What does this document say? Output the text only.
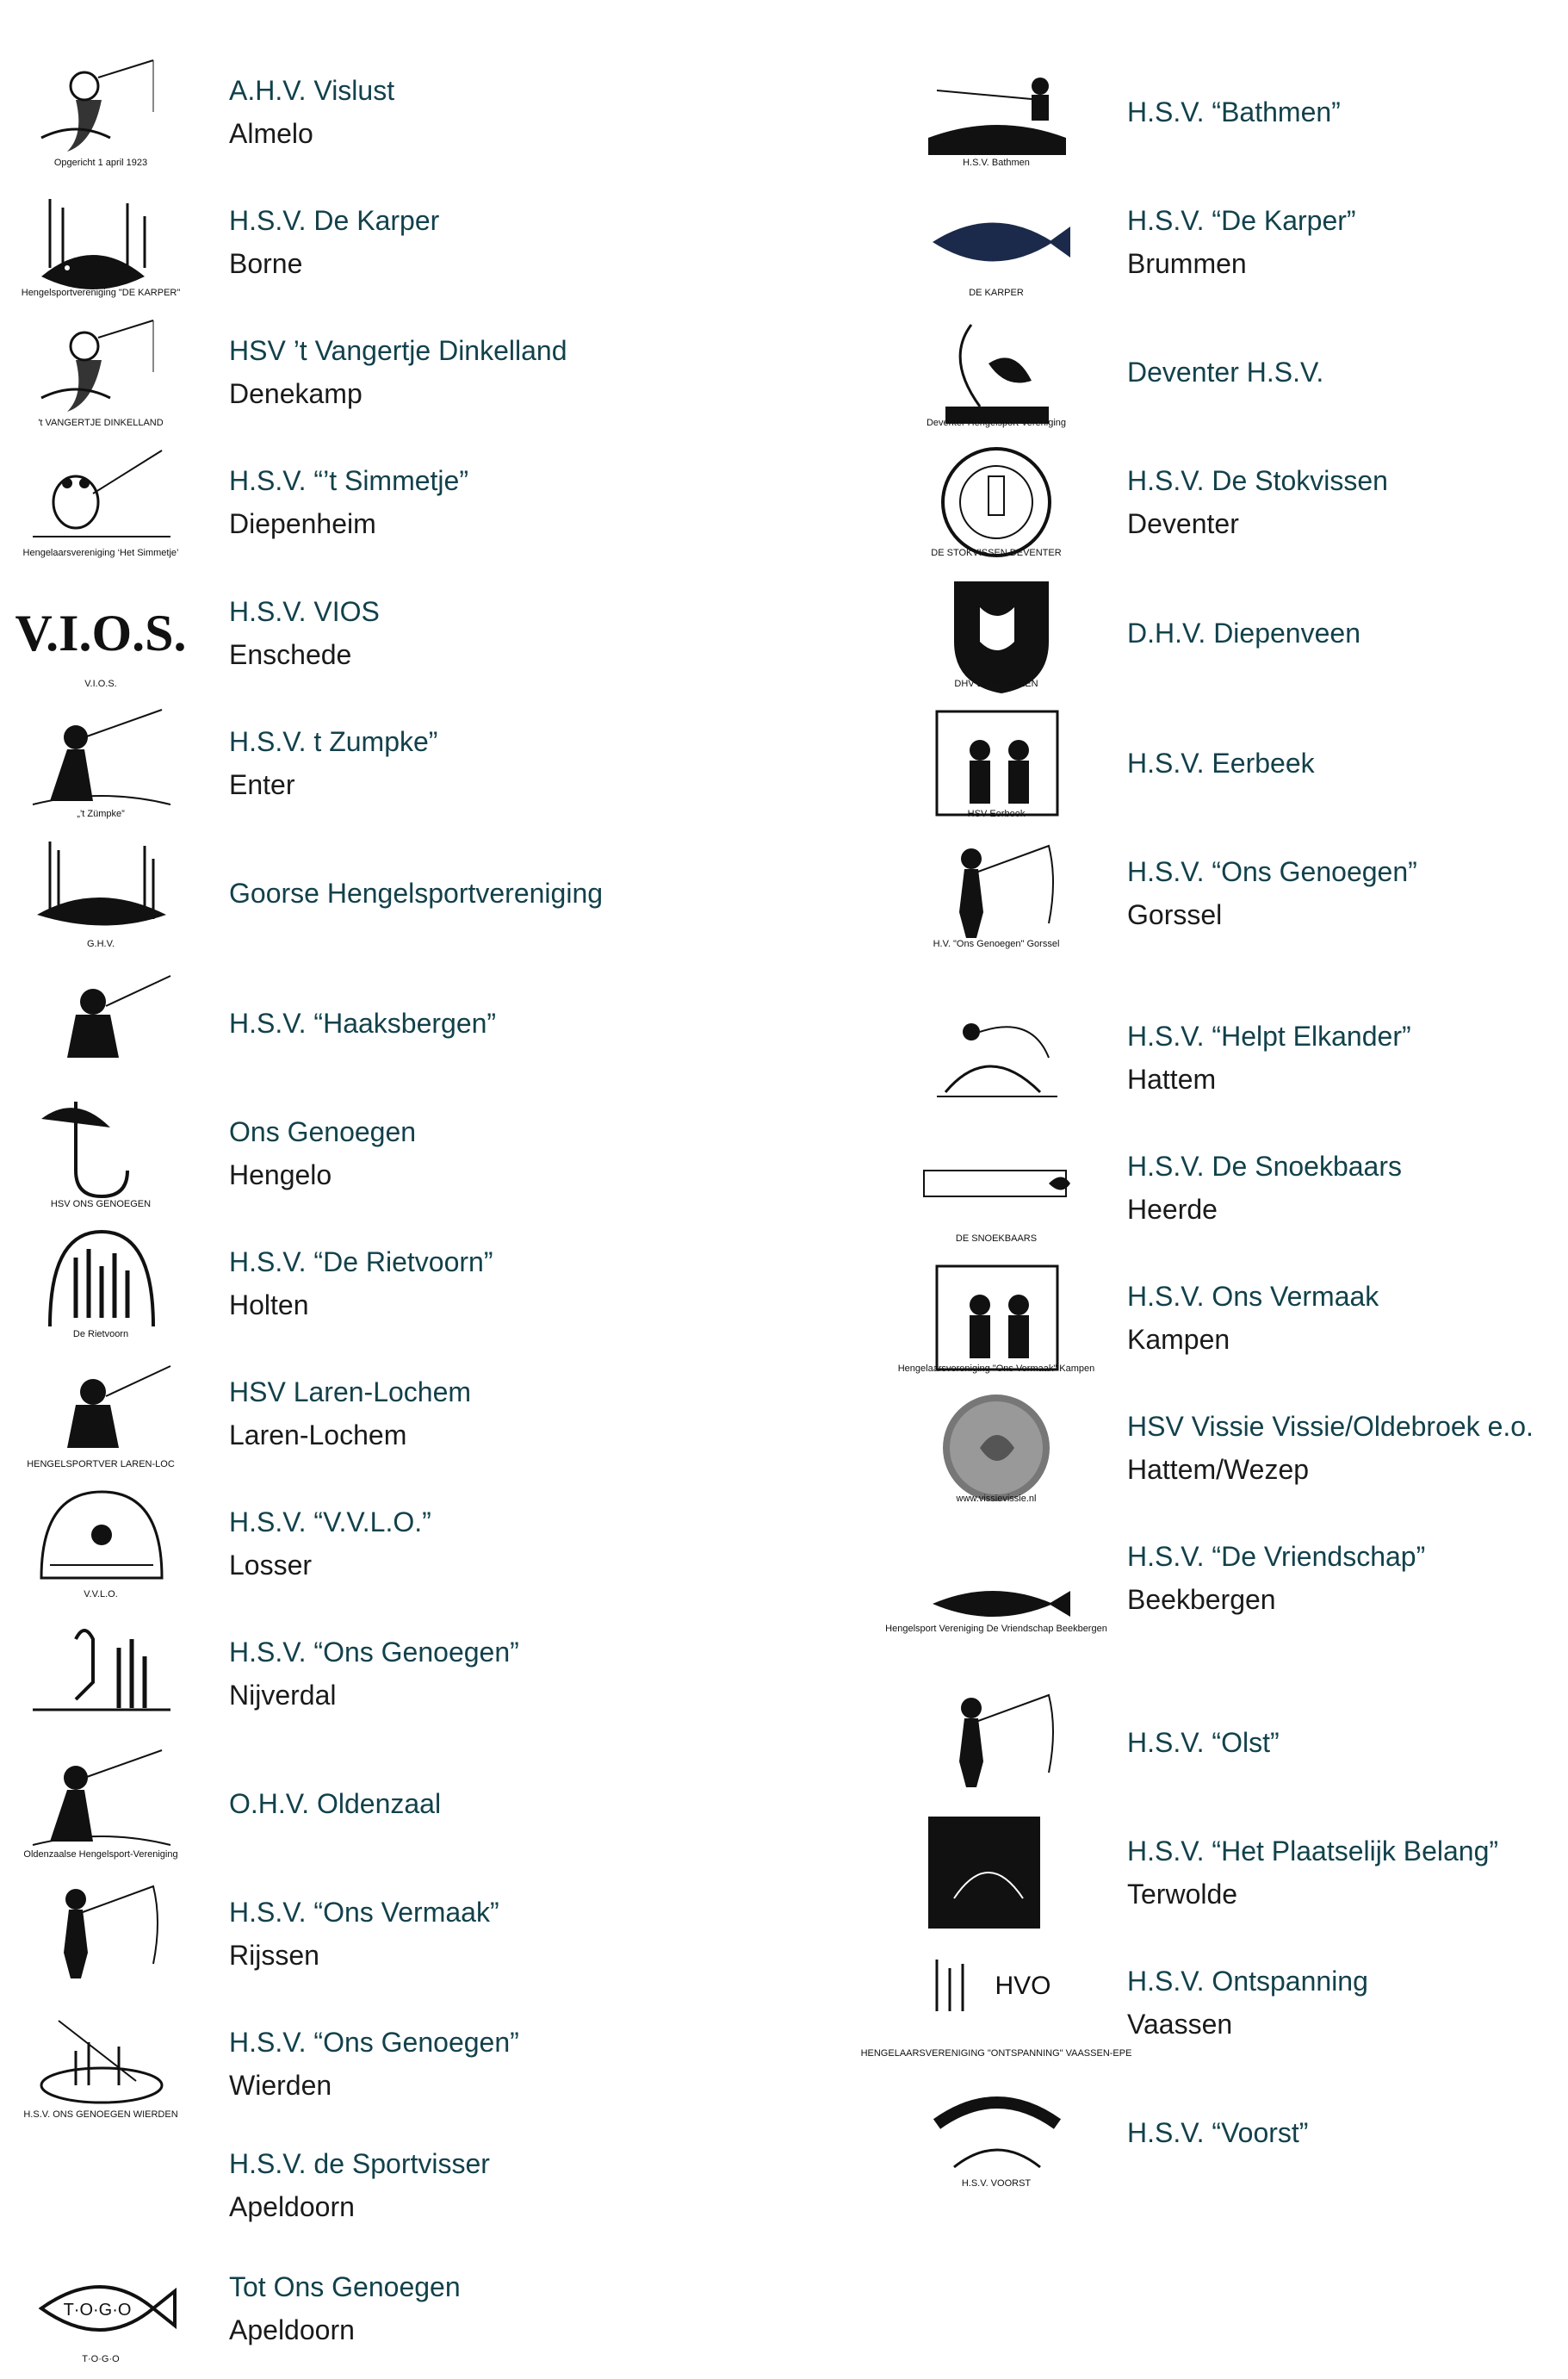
Opgericht 1 april 1923
A.H.V. Vislust
Almelo
Hengelsportvereniging "DE KARPER"
H.S.V. De Karper
Borne
't VANGERTJE DINKELLAND
HSV ’t Vangertje Dinkelland
Denekamp
Hengelaarsvereniging ‘Het Simmetje’
H.S.V. “’t Simmetje”
Diepenheim
V.I.O.S.
V.I.O.S.
H.S.V. VIOS
Enschede
„’t Zümpke”
H.S.V. t Zumpke”
Enter
G.H.V.
Goorse Hengelsportvereniging
H.S.V. “Haaksbergen”
HSV ONS GENOEGEN
Ons Genoegen
Hengelo
De Rietvoorn
H.S.V. “De Rietvoorn”
Holten
HENGELSPORTVER LAREN-LOC
HSV Laren-Lochem
Laren-Lochem
V.V.L.O.
H.S.V. “V.V.L.O.”
Losser
H.S.V. “Ons Genoegen”
Nijverdal
Oldenzaalse Hengelsport-Vereniging
O.H.V. Oldenzaal
H.S.V. “Ons Vermaak”
Rijssen
H.S.V. ONS GENOEGEN WIERDEN
H.S.V. “Ons Genoegen”
Wierden
H.S.V. de Sportvisser
Apeldoorn
T·O·G·O
T·O·G·O
Tot Ons Genoegen
Apeldoorn
H.S.V. Bathmen
H.S.V. “Bathmen”
DE KARPER
H.S.V. “De Karper”
Brummen
Deventer Hengelsport Vereniging
Deventer H.S.V.
DE STOKVISSEN DEVENTER
H.S.V. De Stokvissen
Deventer
DHV DIEPENVEEN
D.H.V. Diepenveen
HSV Eerbeek
H.S.V. Eerbeek
H.V. "Ons Genoegen" Gorssel
H.S.V. “Ons Genoegen”
Gorssel
H.S.V. “Helpt Elkander”
Hattem
DE SNOEKBAARS
H.S.V. De Snoekbaars
Heerde
Hengelaarsvereniging "Ons Vermaak" Kampen
H.S.V. Ons Vermaak
Kampen
www.vissievissie.nl
HSV Vissie Vissie/Oldebroek e.o.
Hattem/Wezep
Hengelsport Vereniging De Vriendschap Beekbergen
H.S.V. “De Vriendschap”
Beekbergen
H.S.V. “Olst”
H.S.V. “Het Plaatselijk Belang”
Terwolde
HVO
HENGELAARSVERENIGING "ONTSPANNING" VAASSEN-EPE
H.S.V. Ontspanning
Vaassen
H.S.V. VOORST
H.S.V. “Voorst”
